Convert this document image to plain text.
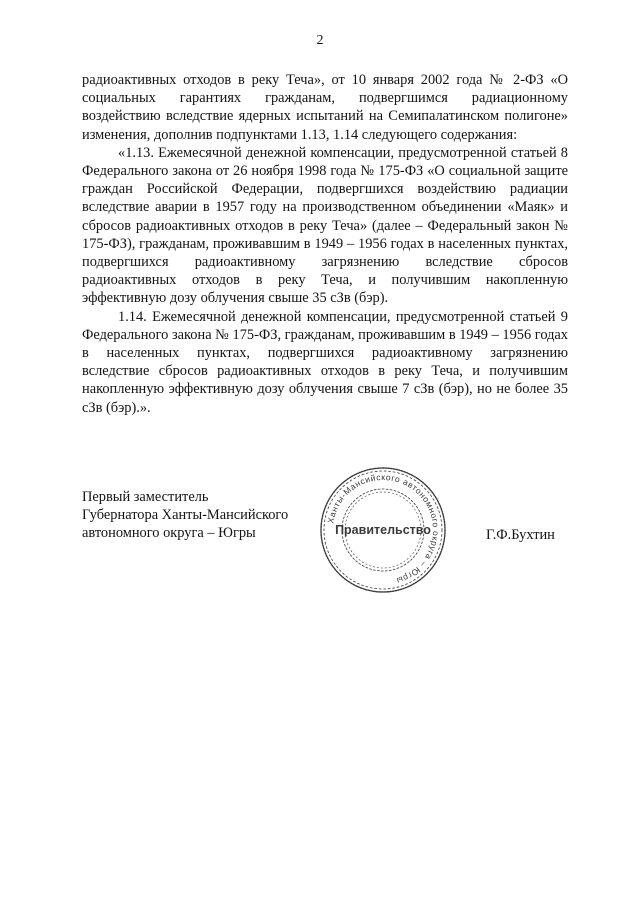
2

радиоактивных отходов в реку Теча», от 10 января 2002 года № 2-ФЗ «О социальных гарантиях гражданам, подвергшимся радиационному воздействию вследствие ядерных испытаний на Семипалатинском полигоне» изменения, дополнив подпунктами 1.13, 1.14 следующего содержания:

«1.13. Ежемесячной денежной компенсации, предусмотренной статьей 8 Федерального закона от 26 ноября 1998 года № 175-ФЗ «О социальной защите граждан Российской Федерации, подвергшихся воздействию радиации вследствие аварии в 1957 году на производственном объединении «Маяк» и сбросов радиоактивных отходов в реку Теча» (далее – Федеральный закон № 175-ФЗ), гражданам, проживавшим в 1949 – 1956 годах в населенных пунктах, подвергшихся радиоактивному загрязнению вследствие сбросов радиоактивных отходов в реку Теча, и получившим накопленную эффективную дозу облучения свыше 35 сЗв (бэр).

1.14. Ежемесячной денежной компенсации, предусмотренной статьей 9 Федерального закона № 175-ФЗ, гражданам, проживавшим в 1949 – 1956 годах в населенных пунктах, подвергшихся радиоактивному загрязнению вследствие сбросов радиоактивных отходов в реку Теча, и получившим накопленную эффективную дозу облучения свыше 7 сЗв (бэр), но не более 35 сЗв (бэр).».

Первый заместитель
Губернатора Ханты-Мансийского
автономного округа – Югры	Г.Ф.Бухтин
Ханты-Мансийского автономного округа – Югры
Правительство
